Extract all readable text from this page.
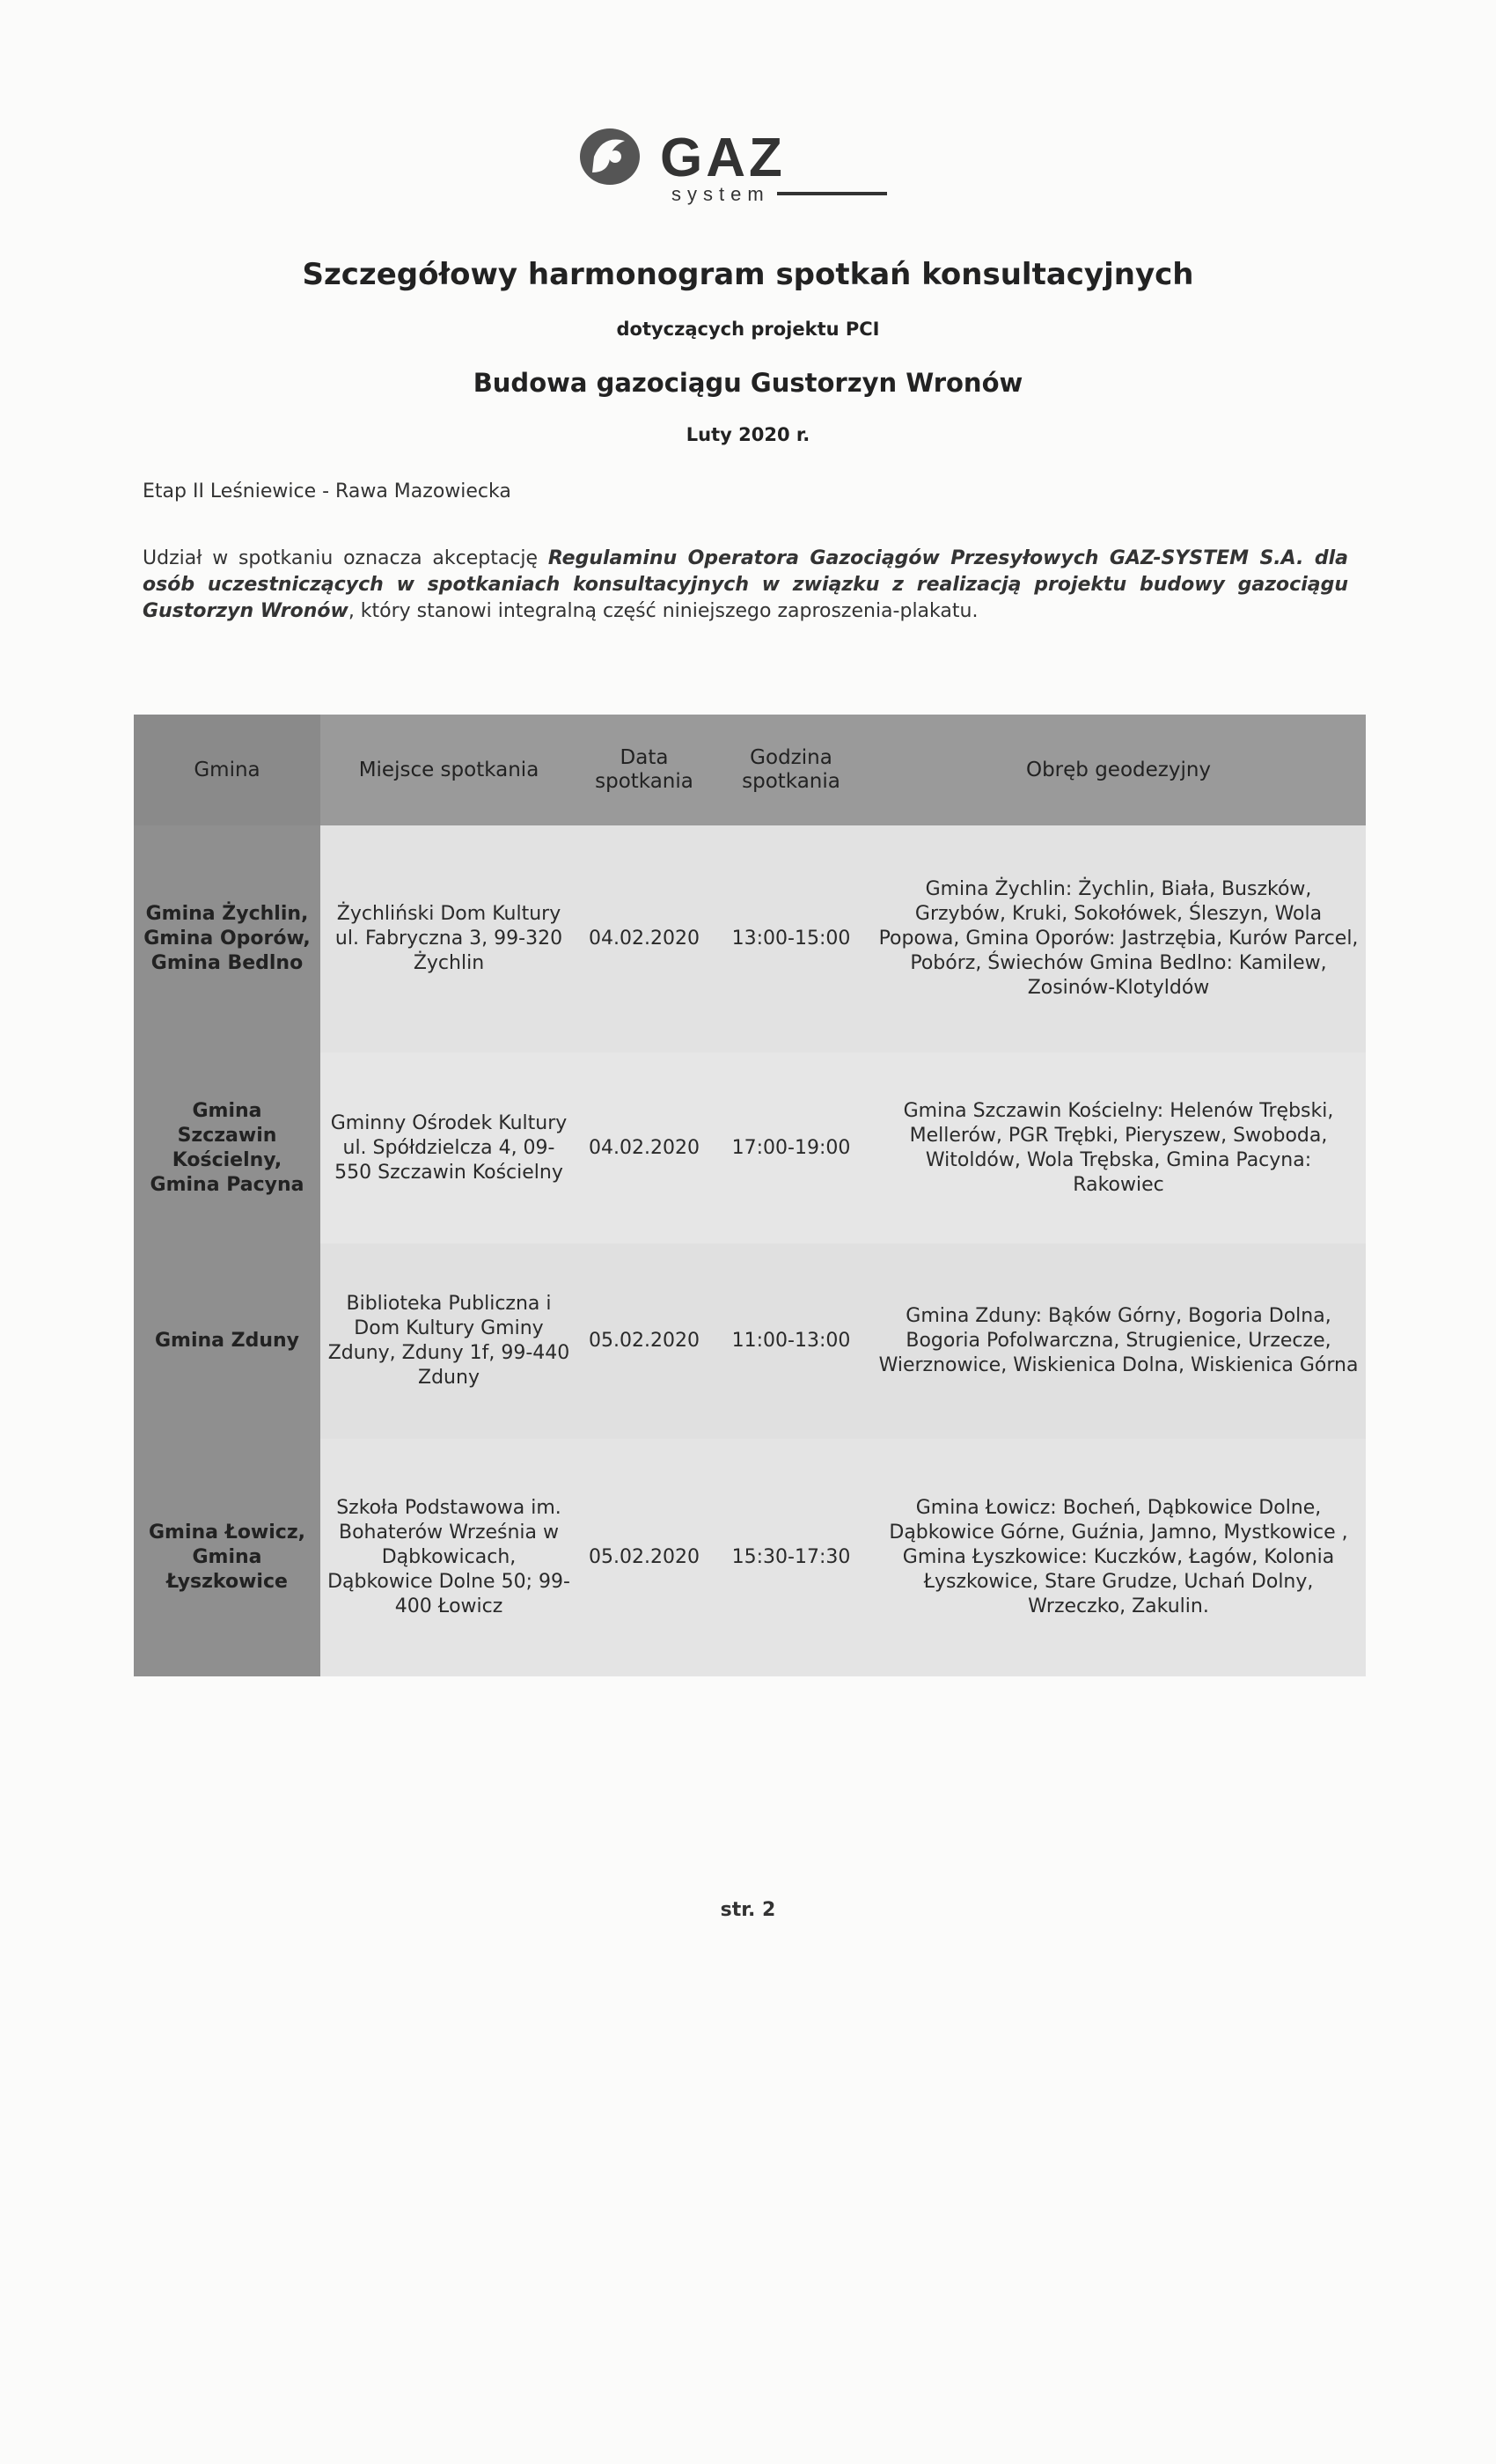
GAZ
system
Szczegółowy harmonogram spotkań konsultacyjnych
dotyczących projektu PCI
Budowa gazociągu Gustorzyn Wronów
Luty 2020 r.
Etap II Leśniewice - Rawa Mazowiecka
Udział w spotkaniu oznacza akceptację Regulaminu Operatora Gazociągów Przesyłowych GAZ-SYSTEM S.A. dla osób uczestniczących w spotkaniach konsultacyjnych w związku z realizacją projektu budowy gazociągu Gustorzyn Wronów, który stanowi integralną część niniejszego zaproszenia-plakatu.
Gmina	Miejsce spotkania	Data spotkania	Godzina spotkania	Obręb geodezyjny
Gmina Żychlin, Gmina Oporów, Gmina Bedlno	Żychliński Dom Kultury ul. Fabryczna 3, 99-320 Żychlin	04.02.2020	13:00-15:00	Gmina Żychlin: Żychlin, Biała, Buszków, Grzybów, Kruki, Sokołówek, Śleszyn, Wola Popowa, Gmina Oporów: Jastrzębia, Kurów Parcel, Pobórz, Świechów Gmina Bedlno: Kamilew, Zosinów-Klotyldów
Gmina Szczawin Kościelny, Gmina Pacyna	Gminny Ośrodek Kultury ul. Spółdzielcza 4, 09-550 Szczawin Kościelny	04.02.2020	17:00-19:00	Gmina Szczawin Kościelny: Helenów Trębski, Mellerów, PGR Trębki, Pieryszew, Swoboda, Witoldów, Wola Trębska, Gmina Pacyna: Rakowiec
Gmina Zduny	Biblioteka Publiczna i Dom Kultury Gminy Zduny, Zduny 1f, 99-440 Zduny	05.02.2020	11:00-13:00	Gmina Zduny: Bąków Górny, Bogoria Dolna, Bogoria Pofolwarczna, Strugienice, Urzecze, Wierznowice, Wiskienica Dolna, Wiskienica Górna
Gmina Łowicz, Gmina Łyszkowice	Szkoła Podstawowa im. Bohaterów Września w Dąbkowicach, Dąbkowice Dolne 50; 99- 400 Łowicz	05.02.2020	15:30-17:30	Gmina Łowicz: Bocheń, Dąbkowice Dolne, Dąbkowice Górne, Guźnia, Jamno, Mystkowice , Gmina Łyszkowice: Kuczków, Łagów, Kolonia Łyszkowice, Stare Grudze, Uchań Dolny, Wrzeczko, Zakulin.
str. 2
